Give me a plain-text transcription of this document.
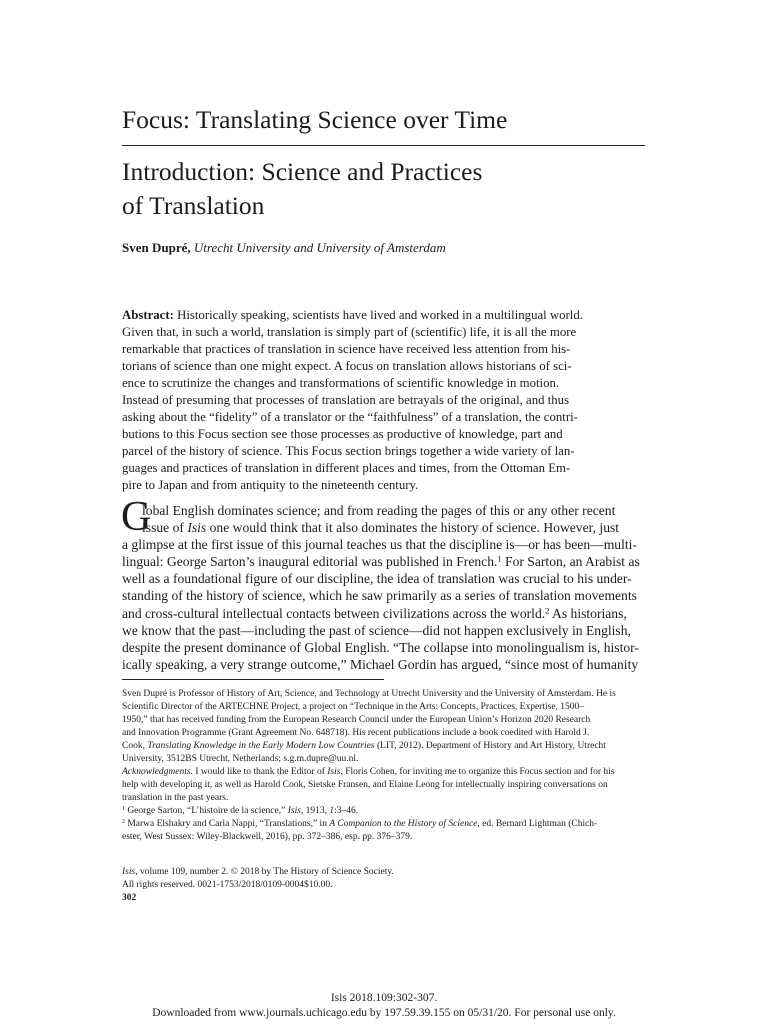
Focus: Translating Science over Time
Introduction: Science and Practices
of Translation
Sven Dupré, Utrecht University and University of Amsterdam
Abstract: Historically speaking, scientists have lived and worked in a multilingual world.
Given that, in such a world, translation is simply part of (scientific) life, it is all the more
remarkable that practices of translation in science have received less attention from his-
torians of science than one might expect. A focus on translation allows historians of sci-
ence to scrutinize the changes and transformations of scientific knowledge in motion.
Instead of presuming that processes of translation are betrayals of the original, and thus
asking about the “fidelity” of a translator or the “faithfulness” of a translation, the contri-
butions to this Focus section see those processes as productive of knowledge, part and
parcel of the history of science. This Focus section brings together a wide variety of lan-
guages and practices of translation in different places and times, from the Ottoman Em-
pire to Japan and from antiquity to the nineteenth century.
G
lobal English dominates science; and from reading the pages of this or any other recent
issue of Isis one would think that it also dominates the history of science. However, just
a glimpse at the first issue of this journal teaches us that the discipline is—or has been—multi-
lingual: George Sarton’s inaugural editorial was published in French.$^1$ For Sarton, an Arabist as
well as a foundational figure of our discipline, the idea of translation was crucial to his under-
standing of the history of science, which he saw primarily as a series of translation movements
and cross-cultural intellectual contacts between civilizations across the world.$^2$ As historians,
we know that the past—including the past of science—did not happen exclusively in English,
despite the present dominance of Global English. “The collapse into monolingualism is, histor-
ically speaking, a very strange outcome,” Michael Gordin has argued, “since most of humanity
Sven Dupré is Professor of History of Art, Science, and Technology at Utrecht University and the University of Amsterdam. He is
Scientific Director of the ARTECHNE Project, a project on “Technique in the Arts: Concepts, Practices, Expertise, 1500–
1950,” that has received funding from the European Research Council under the European Union’s Horizon 2020 Research
and Innovation Programme (Grant Agreement No. 648718). His recent publications include a book coedited with Harold J.
Cook, Translating Knowledge in the Early Modern Low Countries (LIT, 2012). Department of History and Art History, Utrecht
University, 3512BS Utrecht, Netherlands; s.g.m.dupre@uu.nl.
Acknowledgments. I would like to thank the Editor of Isis, Floris Cohen, for inviting me to organize this Focus section and for his
help with developing it, as well as Harold Cook, Sietske Fransen, and Elaine Leong for intellectually inspiring conversations on
translation in the past years.
$^1$ George Sarton, “L’histoire de la science,” Isis, 1913, 1:3–46.
$^2$ Marwa Elshakry and Carla Nappi, “Translations,” in A Companion to the History of Science, ed. Bernard Lightman (Chich-
ester, West Sussex: Wiley-Blackwell, 2016), pp. 372–386, esp. pp. 376–379.
Isis, volume 109, number 2. © 2018 by The History of Science Society.
All rights reserved. 0021-1753/2018/0109-0004$10.00.
302
Isis 2018.109:302-307.
Downloaded from www.journals.uchicago.edu by 197.59.39.155 on 05/31/20. For personal use only.
